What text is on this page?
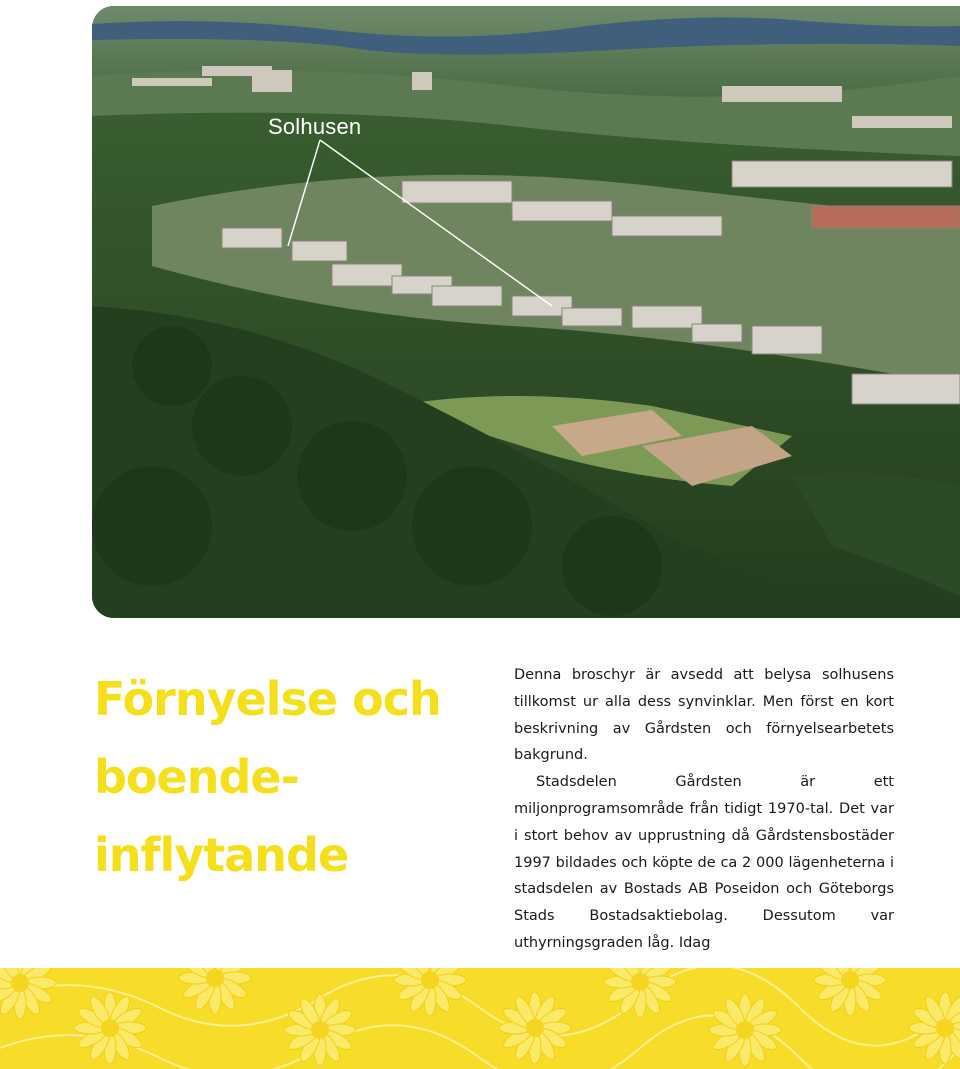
Solhusen
Förnyelse och
boende-
inflytande

Denna broschyr är avsedd att belysa solhusens tillkomst ur alla dess synvinklar. Men först en kort beskrivning av Gårdsten och förnyelsearbetets bakgrund.

Stadsdelen Gårdsten är ett miljonprogramsområde från tidigt 1970-tal. Det var i stort behov av upprustning då Gårdstensbostäder 1997 bildades och köpte de ca 2 000 lägenheterna i stadsdelen av Bostads AB Poseidon och Göteborgs Stads Bostadsaktiebolag. Dessutom var uthyrningsgraden låg. Idag
